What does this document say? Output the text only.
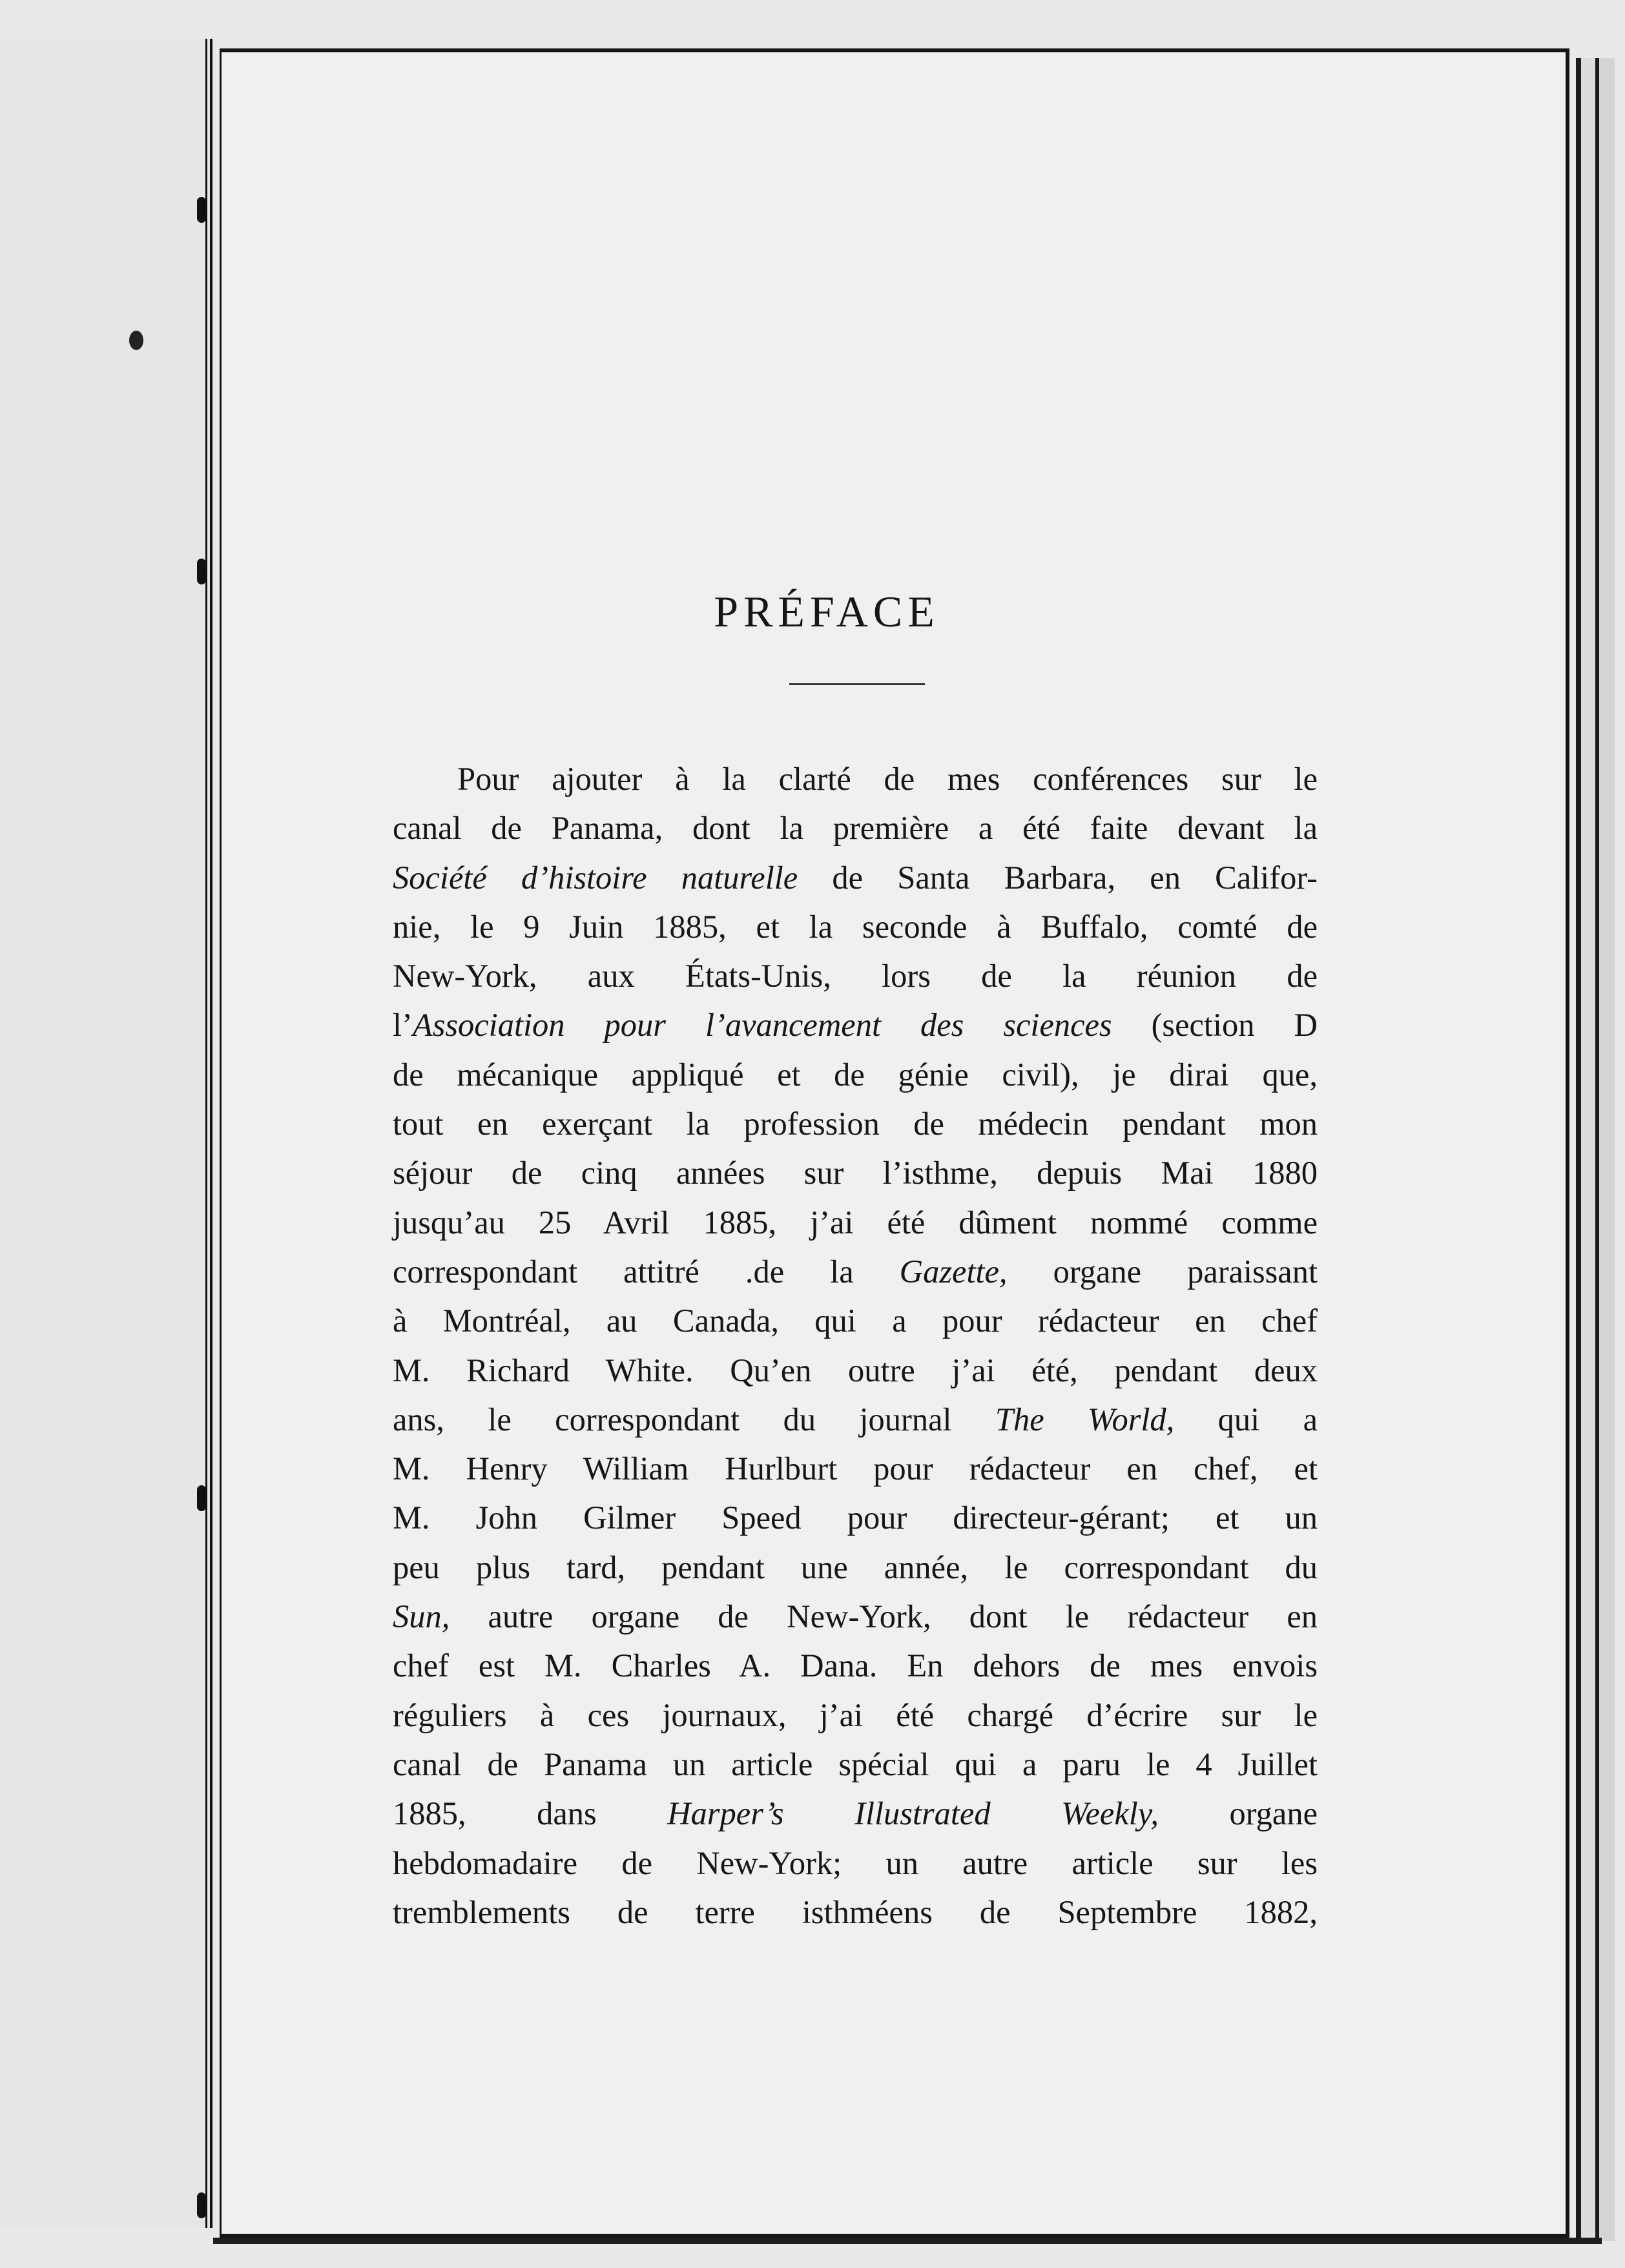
PRÉFACE
Pour ajouter à la clarté de mes conférences sur le
canal de Panama, dont la première a été faite devant la
Société d’histoire naturelle de Santa Barbara, en Califor-
nie, le 9 Juin 1885, et la seconde à Buffalo, comté de
New-York, aux États-Unis, lors de la réunion de
l’Association pour l’avancement des sciences (section D
de mécanique appliqué et de génie civil), je dirai que,
tout en exerçant la profession de médecin pendant mon
séjour de cinq années sur l’isthme, depuis Mai 1880
jusqu’au 25 Avril 1885, j’ai été dûment nommé comme
correspondant attitré .de la Gazette, organe paraissant
à Montréal, au Canada, qui a pour rédacteur en chef
M. Richard White. Qu’en outre j’ai été, pendant deux
ans, le correspondant du journal The World, qui a
M. Henry William Hurlburt pour rédacteur en chef, et
M. John Gilmer Speed pour directeur-gérant; et un
peu plus tard, pendant une année, le correspondant du
Sun, autre organe de New-York, dont le rédacteur en
chef est M. Charles A. Dana. En dehors de mes envois
réguliers à ces journaux, j’ai été chargé d’écrire sur le
canal de Panama un article spécial qui a paru le 4 Juillet
1885, dans Harper’s Illustrated Weekly, organe
hebdomadaire de New-York; un autre article sur les
tremblements de terre isthméens de Septembre 1882,
